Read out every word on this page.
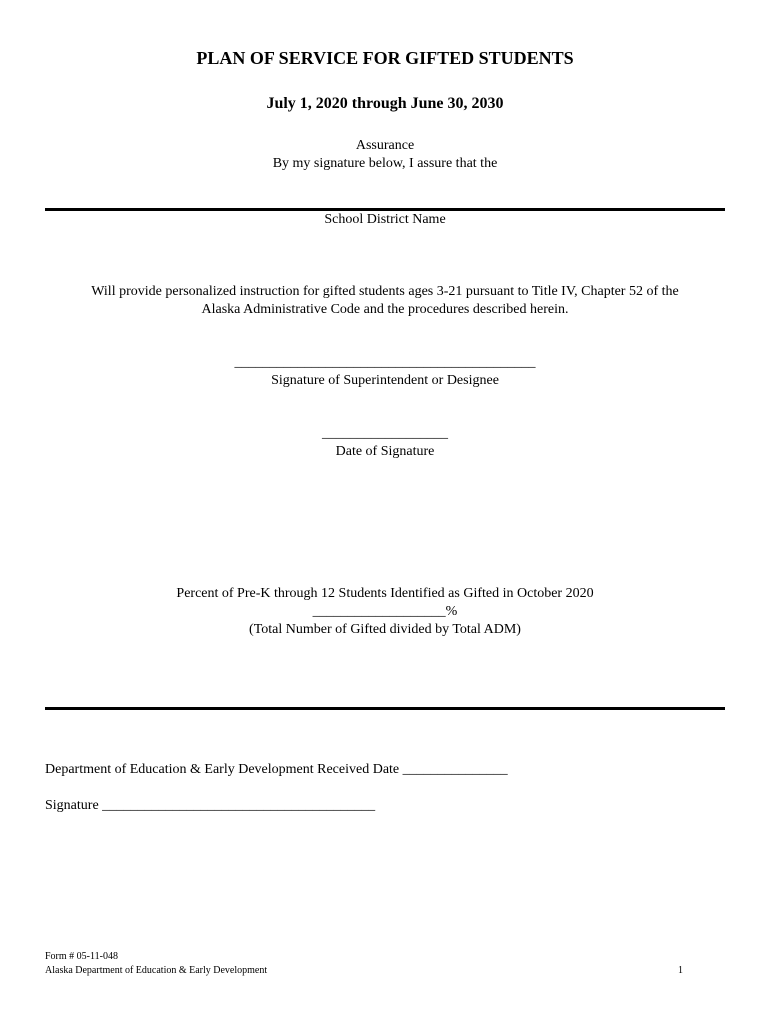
PLAN OF SERVICE FOR GIFTED STUDENTS
July 1, 2020 through June 30, 2030
Assurance
By my signature below, I assure that the
School District Name
Will provide personalized instruction for gifted students ages 3-21 pursuant to Title IV, Chapter 52 of the
Alaska Administrative Code and the procedures described herein.
___________________________________________
Signature of Superintendent or Designee
__________________
Date of Signature
Percent of Pre-K through 12 Students Identified as Gifted in October 2020
___________________%
(Total Number of Gifted divided by Total ADM)
Department of Education & Early Development Received Date _______________
Signature _______________________________________
Form # 05-11-048
Alaska Department of Education & Early Development	1
